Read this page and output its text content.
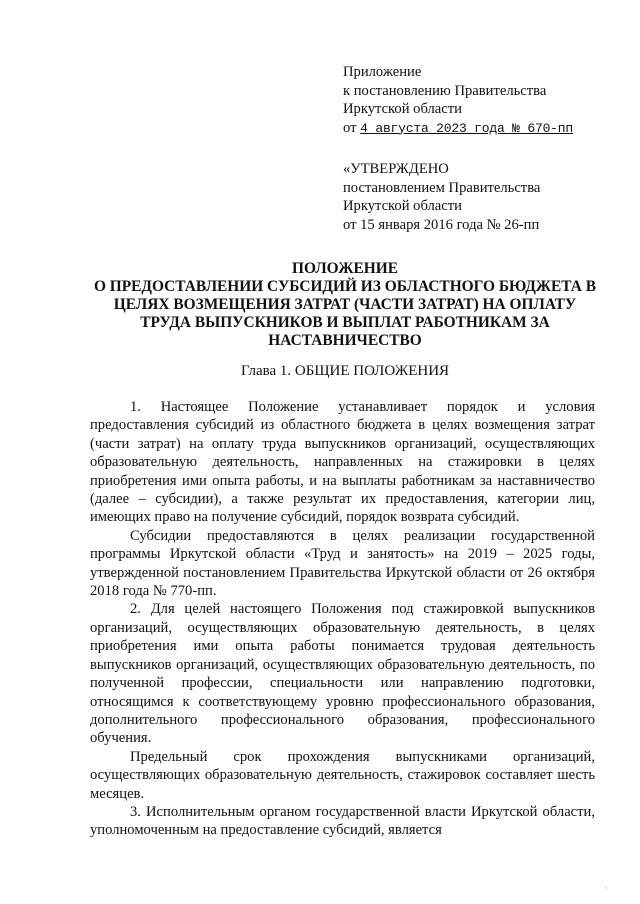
Приложение
к постановлению Правительства
Иркутской области
от 4 августа 2023 года № 670-пп
«УТВЕРЖДЕНО
постановлением Правительства
Иркутской области
от 15 января 2016 года № 26-пп
ПОЛОЖЕНИЕ
О ПРЕДОСТАВЛЕНИИ СУБСИДИЙ ИЗ ОБЛАСТНОГО БЮДЖЕТА В
ЦЕЛЯХ ВОЗМЕЩЕНИЯ ЗАТРАТ (ЧАСТИ ЗАТРАТ) НА ОПЛАТУ
ТРУДА ВЫПУСКНИКОВ И ВЫПЛАТ РАБОТНИКАМ ЗА
НАСТАВНИЧЕСТВО
Глава 1. ОБЩИЕ ПОЛОЖЕНИЯ

1. Настоящее Положение устанавливает порядок и условия предоставления субсидий из областного бюджета в целях возмещения затрат (части затрат) на оплату труда выпускников организаций, осуществляющих образовательную деятельность, направленных на стажировки в целях приобретения ими опыта работы, и на выплаты работникам за наставничество (далее – субсидии), а также результат их предоставления, категории лиц, имеющих право на получение субсидий, порядок возврата субсидий.

Субсидии предоставляются в целях реализации государственной программы Иркутской области «Труд и занятость» на 2019 – 2025 годы, утвержденной постановлением Правительства Иркутской области от 26 октября 2018 года № 770-пп.

2. Для целей настоящего Положения под стажировкой выпускников организаций, осуществляющих образовательную деятельность, в целях приобретения ими опыта работы понимается трудовая деятельность выпускников организаций, осуществляющих образовательную деятельность, по полученной профессии, специальности или направлению подготовки, относящимся к соответствующему уровню профессионального образования, дополнительного профессионального образования, профессионального обучения.

Предельный срок прохождения выпускниками организаций, осуществляющих образовательную деятельность, стажировок составляет шесть месяцев.

3. Исполнительным органом государственной власти Иркутской области, уполномоченным на предоставление субсидий, является

·
